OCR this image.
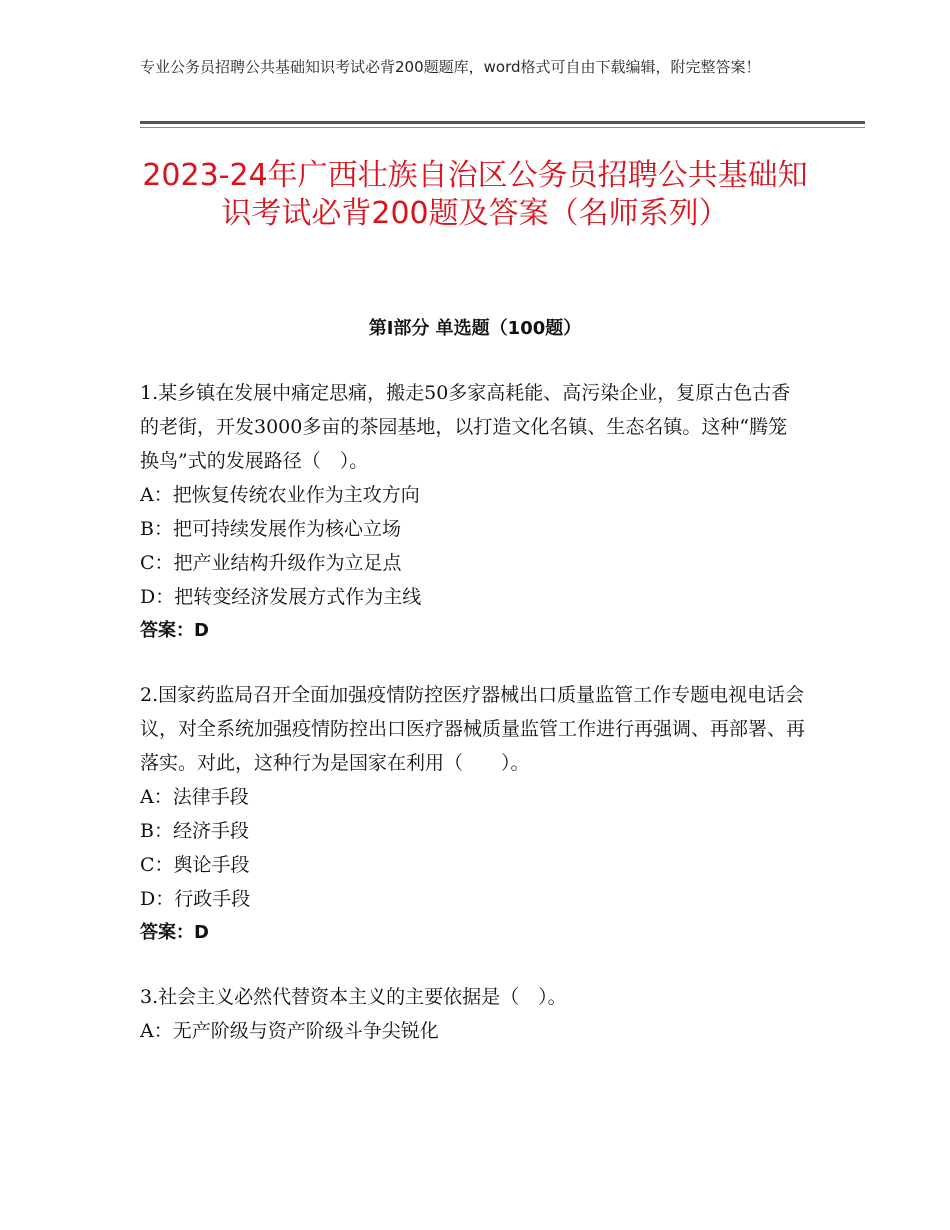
专业公务员招聘公共基础知识考试必背200题题库，word格式可自由下载编辑，附完整答案！
2023-24年广西壮族自治区公务员招聘公共基础知识考试必背200题及答案（名师系列）
第I部分 单选题（100题）

1.某乡镇在发展中痛定思痛，搬走50多家高耗能、高污染企业，复原古色古香的老街，开发3000多亩的茶园基地，以打造文化名镇、生态名镇。这种“腾笼换鸟”式的发展路径（　）。

A：把恢复传统农业作为主攻方向

B：把可持续发展作为核心立场

C：把产业结构升级作为立足点

D：把转变经济发展方式作为主线

答案：D

2.国家药监局召开全面加强疫情防控医疗器械出口质量监管工作专题电视电话会议，对全系统加强疫情防控出口医疗器械质量监管工作进行再强调、再部署、再落实。对此，这种行为是国家在利用（　　）。

A：法律手段

B：经济手段

C：舆论手段

D：行政手段

答案：D

3.社会主义必然代替资本主义的主要依据是（　）。

A：无产阶级与资产阶级斗争尖锐化
